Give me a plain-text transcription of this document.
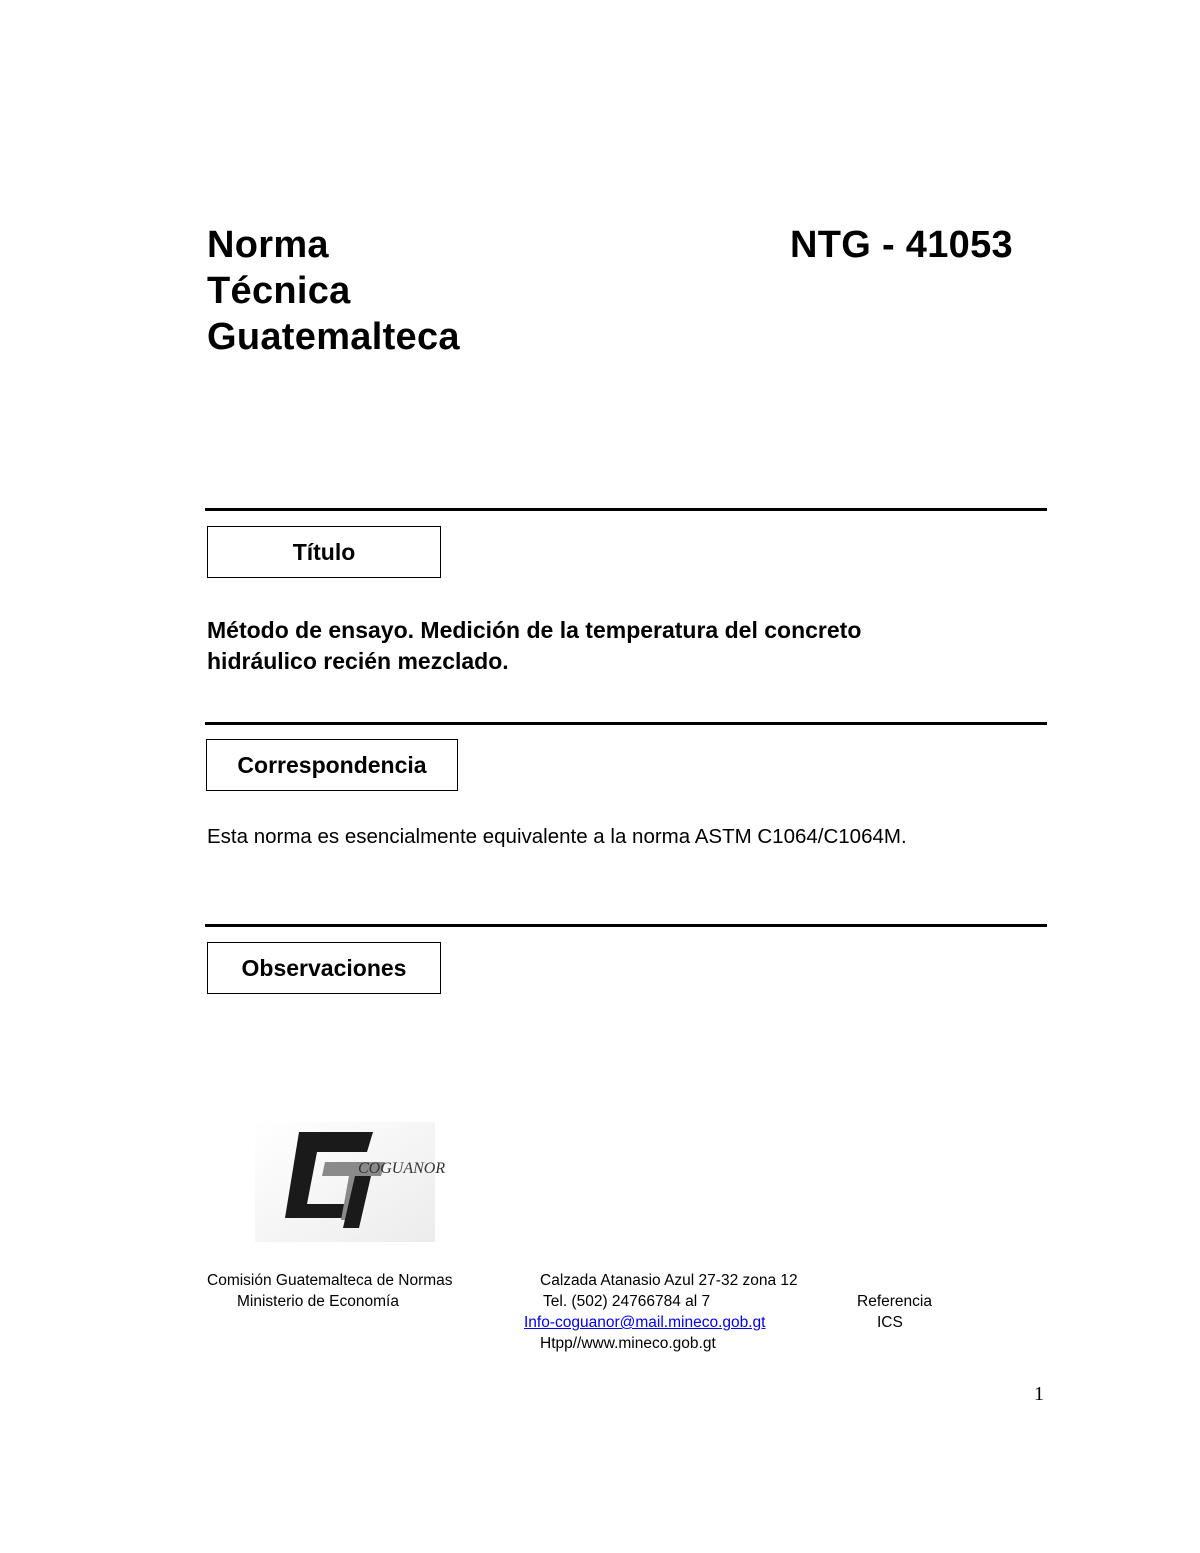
Norma
Técnica
Guatemalteca
NTG - 41053
Título
Método de ensayo. Medición de la temperatura del concreto
hidráulico recién mezclado.
Correspondencia
Esta norma es esencialmente equivalente a la norma ASTM C1064/C1064M.
Observaciones
COGUANOR
Comisión Guatemalteca de Normas
Ministerio de Economía
Calzada Atanasio Azul 27-32 zona 12
Tel. (502) 24766784 al 7
Info-coguanor@mail.mineco.gob.gt
Htpp//www.mineco.gob.gt
Referencia
ICS
1
